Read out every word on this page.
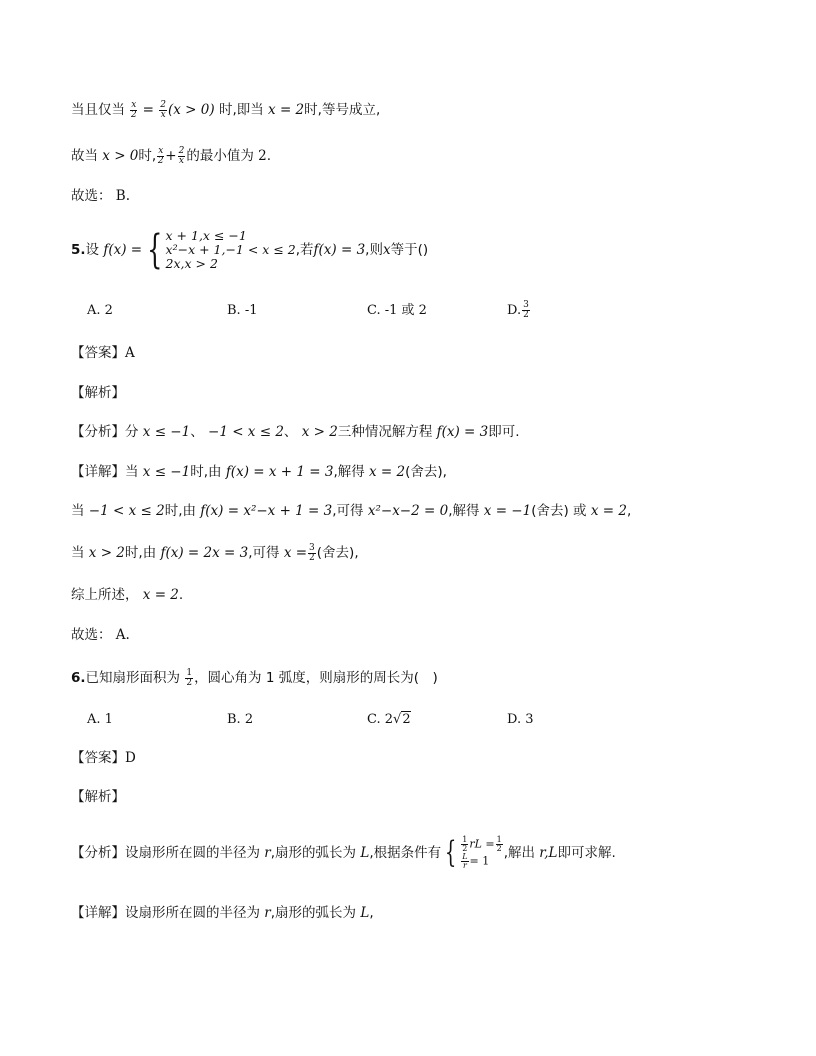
当且仅当 $\frac{x}{2} = \frac{2}{x} (x > 0)$ 时,即当 x = 2时,等号成立,
故当 x > 0时, $\frac{x}{2} + \frac{2}{x}$ 的最小值为 2.
故选： B.
5.设 f(x) = { x + 1,x ≤ −1
x²−x + 1,−1 < x ≤ 2
2x,x > 2
,若f(x) = 3,则x等于()
A. 2	B. -1	C. -1 或 2	D. $\frac{3}{2}$
【答案】A
【解析】
【分析】分 x ≤ −1、 −1 < x ≤ 2、 x > 2三种情况解方程 f(x) = 3即可.
【详解】当 x ≤ −1时,由 f(x) = x + 1 = 3,解得 x = 2(舍去),
当 −1 < x ≤ 2时,由 f(x) = x²−x + 1 = 3,可得 x²−x−2 = 0,解得 x = −1(舍去) 或 x = 2,
当 x > 2时,由 f(x) = 2x = 3,可得 $x = \frac{3}{2}$ (舍去),
综上所述， x = 2.
故选： A.
6.已知扇形面积为 $\frac{1}{2}$ ，圆心角为 1 弧度，则扇形的周长为(　)
A. 1	B. 2	C. 2√2	D. 3
【答案】D
【解析】
【分析】设扇形所在圆的半径为 r,扇形的弧长为 L,根据条件有 { $\frac{1}{2}$ rL = $\frac{1}{2}$
$\frac{L}{r} = 1$	,解出 r,L即可求解.
【详解】设扇形所在圆的半径为 r,扇形的弧长为 L,
